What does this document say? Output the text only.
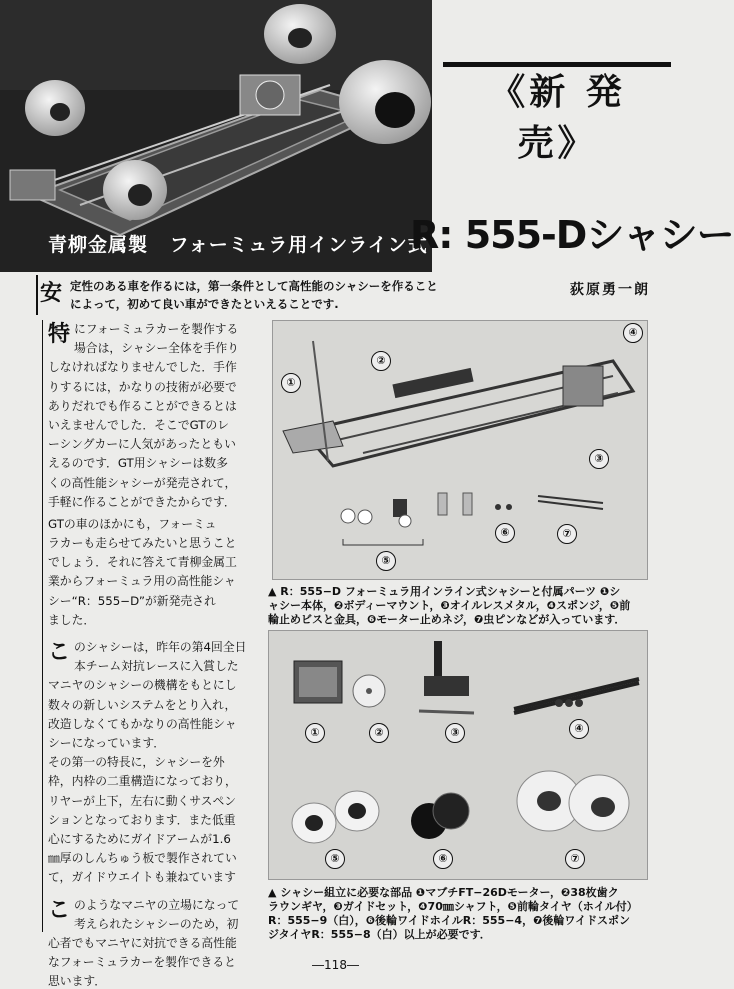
青柳金属製 フォーミュラ用インライン式
《新 発 売》
R: 555-Dシャシー
安 定性のある車を作るには，第一条件として高性能のシャシーを作ること
によって，初めて良い車ができたといえることです.
荻原勇一朗
特 にフォーミュラカーを製作する
場合は，シャシー全体を手作り
しなければなりませんでした．手作
りするには，かなりの技術が必要で
ありだれでも作ることができるとは
いえませんでした．そこでGTのレ
ーシングカーに人気があったともい
えるのです．GT用シャシーは数多
くの高性能シャシーが発売されて，
手軽に作ることができたからです．
GTの車のほかにも，フォーミュ
ラカーも走らせてみたいと思うこと
でしょう．それに答えて青柳金属工
業からフォーミュラ用の高性能シャ
シー“R：555−D”が新発売され
ました．
こ のシャシーは，昨年の第4回全日
本チーム対抗レースに入賞した
マニヤのシャシーの機構をもとにし
数々の新しいシステムをとり入れ，
改造しなくてもかなりの高性能シャ
シーになっています．
その第一の特長に，シャシーを外
枠，内枠の二重構造になっており，
リヤーが上下，左右に動くサスペン
ションとなっております．また低重
心にするためにガイドアームが1.6
㎜厚のしんちゅう板で製作されてい
て，ガイドウエイトも兼ねています
こ のようなマニヤの立場になって
考えられたシャシーのため，初
心者でもマニヤに対抗できる高性能
なフォーミュラカーを製作できると
思います．
①
②
③
④
⑤
⑥	⑦
▲ R：555−D フォーミュラ用インライン式シャシーと付属パーツ ❶シ
ャシー本体，❷ボディーマウント，❸オイルレスメタル，❹スポンジ，❺前
輪止めビスと金具，❻モーター止めネジ，❼虫ピンなどが入っています．
①	②	③	④
⑤	⑥	⑦
▲ シャシー組立に必要な部品 ❶マブチFT−26Dモーター，❷38枚歯ク
ラウンギヤ，❸ガイドセット，❹70㎜シャフト，❺前輪タイヤ（ホイル付）
R：555−9（白），❻後輪ワイドホイルR：555−4，❼後輪ワイドスポン
ジタイヤR：555−8（白）以上が必要です．
―118―
